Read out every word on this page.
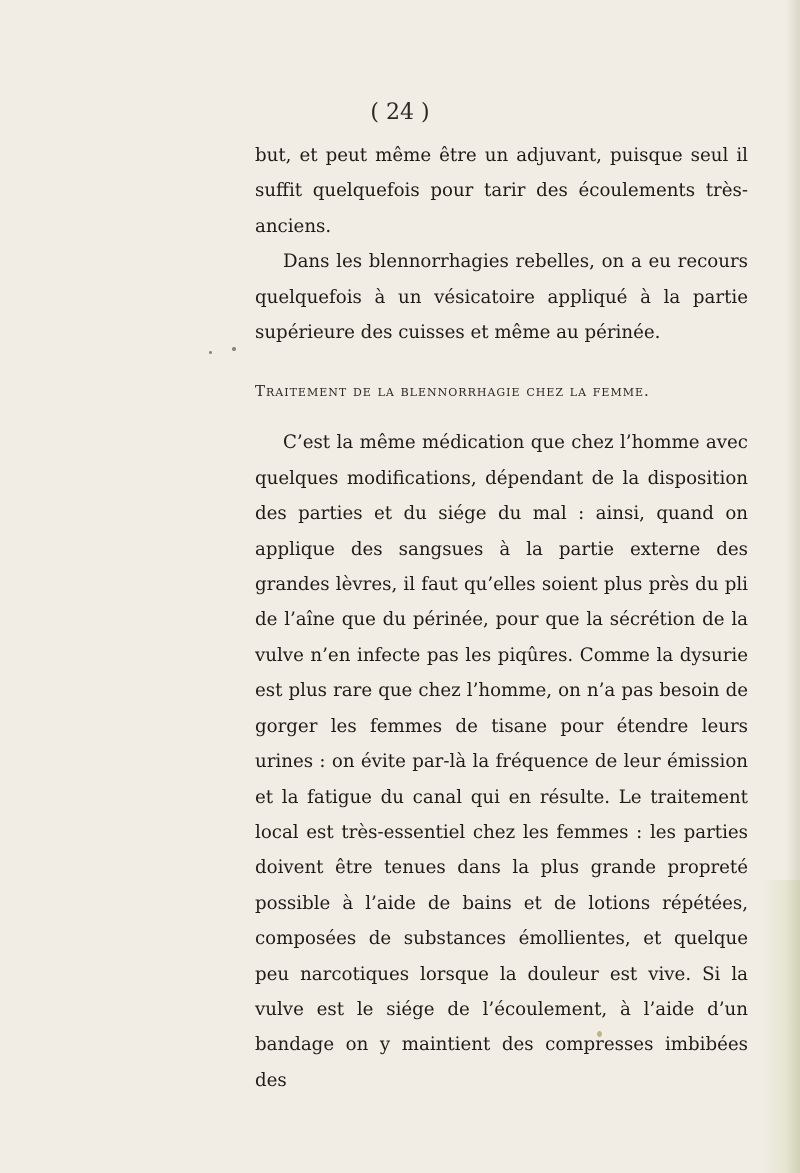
( 24 )

but, et peut même être un adjuvant, puisque seul il suffit quelquefois pour tarir des écoulements très-anciens.

Dans les blennorrhagies rebelles, on a eu recours quelquefois à un vésicatoire appliqué à la partie supérieure des cuisses et même au périnée.

Traitement de la blennorrhagie chez la femme.

C’est la même médication que chez l’homme avec quelques modifications, dépendant de la disposition des parties et du siége du mal : ainsi, quand on applique des sangsues à la partie externe des grandes lèvres, il faut qu’elles soient plus près du pli de l’aîne que du périnée, pour que la sécrétion de la vulve n’en infecte pas les piqûres. Comme la dysurie est plus rare que chez l’homme, on n’a pas besoin de gorger les femmes de tisane pour étendre leurs urines : on évite par-là la fréquence de leur émission et la fatigue du canal qui en résulte. Le traitement local est très-essentiel chez les femmes : les parties doivent être tenues dans la plus grande propreté possible à l’aide de bains et de lotions répétées, composées de substances émollientes, et quelque peu narcotiques lorsque la douleur est vive. Si la vulve est le siége de l’écoulement, à l’aide d’un bandage on y maintient des compresses imbibées des
